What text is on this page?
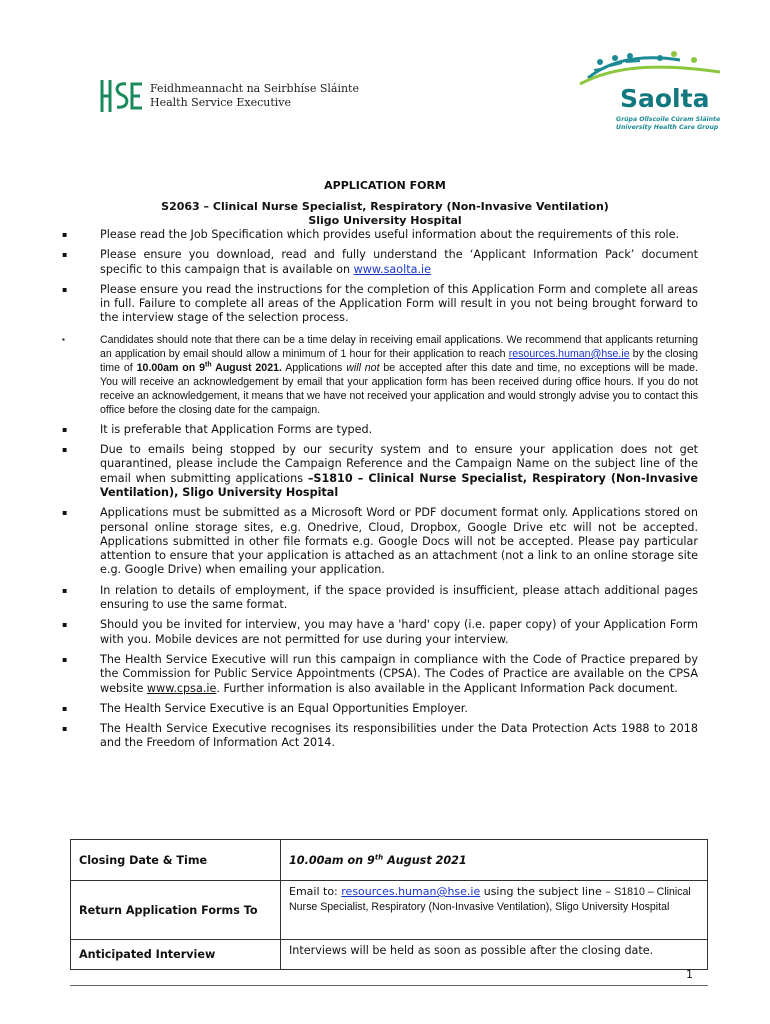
Feidhmeannacht na Seirbhíse Sláinte
Health Service Executive	Saolta
Grúpa Ollscoile Cúram Sláinte
University Health Care Group
APPLICATION FORM
S2063 – Clinical Nurse Specialist, Respiratory (Non-Invasive Ventilation)
Sligo University Hospital
▪	Please read the Job Specification which provides useful information about the requirements of this role.
▪	Please ensure you download, read and fully understand the ‘Applicant Information Pack’ document specific to this campaign that is available on www.saolta.ie
▪	Please ensure you read the instructions for the completion of this Application Form and complete all areas in full. Failure to complete all areas of the Application Form will result in you not being brought forward to the interview stage of the selection process.
▪	Candidates should note that there can be a time delay in receiving email applications. We recommend that applicants returning an application by email should allow a minimum of 1 hour for their application to reach resources.human@hse.ie by the closing time of 10.00am on 9th August 2021. Applications will not be accepted after this date and time, no exceptions will be made. You will receive an acknowledgement by email that your application form has been received during office hours. If you do not receive an acknowledgement, it means that we have not received your application and would strongly advise you to contact this office before the closing date for the campaign.
▪	It is preferable that Application Forms are typed.
▪	Due to emails being stopped by our security system and to ensure your application does not get quarantined, please include the Campaign Reference and the Campaign Name on the subject line of the email when submitting applications –S1810 – Clinical Nurse Specialist, Respiratory (Non-Invasive Ventilation), Sligo University Hospital
▪	Applications must be submitted as a Microsoft Word or PDF document format only. Applications stored on personal online storage sites, e.g. Onedrive, Cloud, Dropbox, Google Drive etc will not be accepted. Applications submitted in other file formats e.g. Google Docs will not be accepted. Please pay particular attention to ensure that your application is attached as an attachment (not a link to an online storage site e.g. Google Drive) when emailing your application.
▪	In relation to details of employment, if the space provided is insufficient, please attach additional pages ensuring to use the same format.
▪	Should you be invited for interview, you may have a 'hard' copy (i.e. paper copy) of your Application Form with you. Mobile devices are not permitted for use during your interview.
▪	The Health Service Executive will run this campaign in compliance with the Code of Practice prepared by the Commission for Public Service Appointments (CPSA). The Codes of Practice are available on the CPSA website www.cpsa.ie. Further information is also available in the Applicant Information Pack document.
▪	The Health Service Executive is an Equal Opportunities Employer.
▪	The Health Service Executive recognises its responsibilities under the Data Protection Acts 1988 to 2018 and the Freedom of Information Act 2014.
Closing Date & Time	10.00am on 9th August 2021
Return Application Forms To	Email to: resources.human@hse.ie using the subject line – S1810 – Clinical Nurse Specialist, Respiratory (Non-Invasive Ventilation), Sligo University Hospital
Anticipated Interview	Interviews will be held as soon as possible after the closing date.
1
